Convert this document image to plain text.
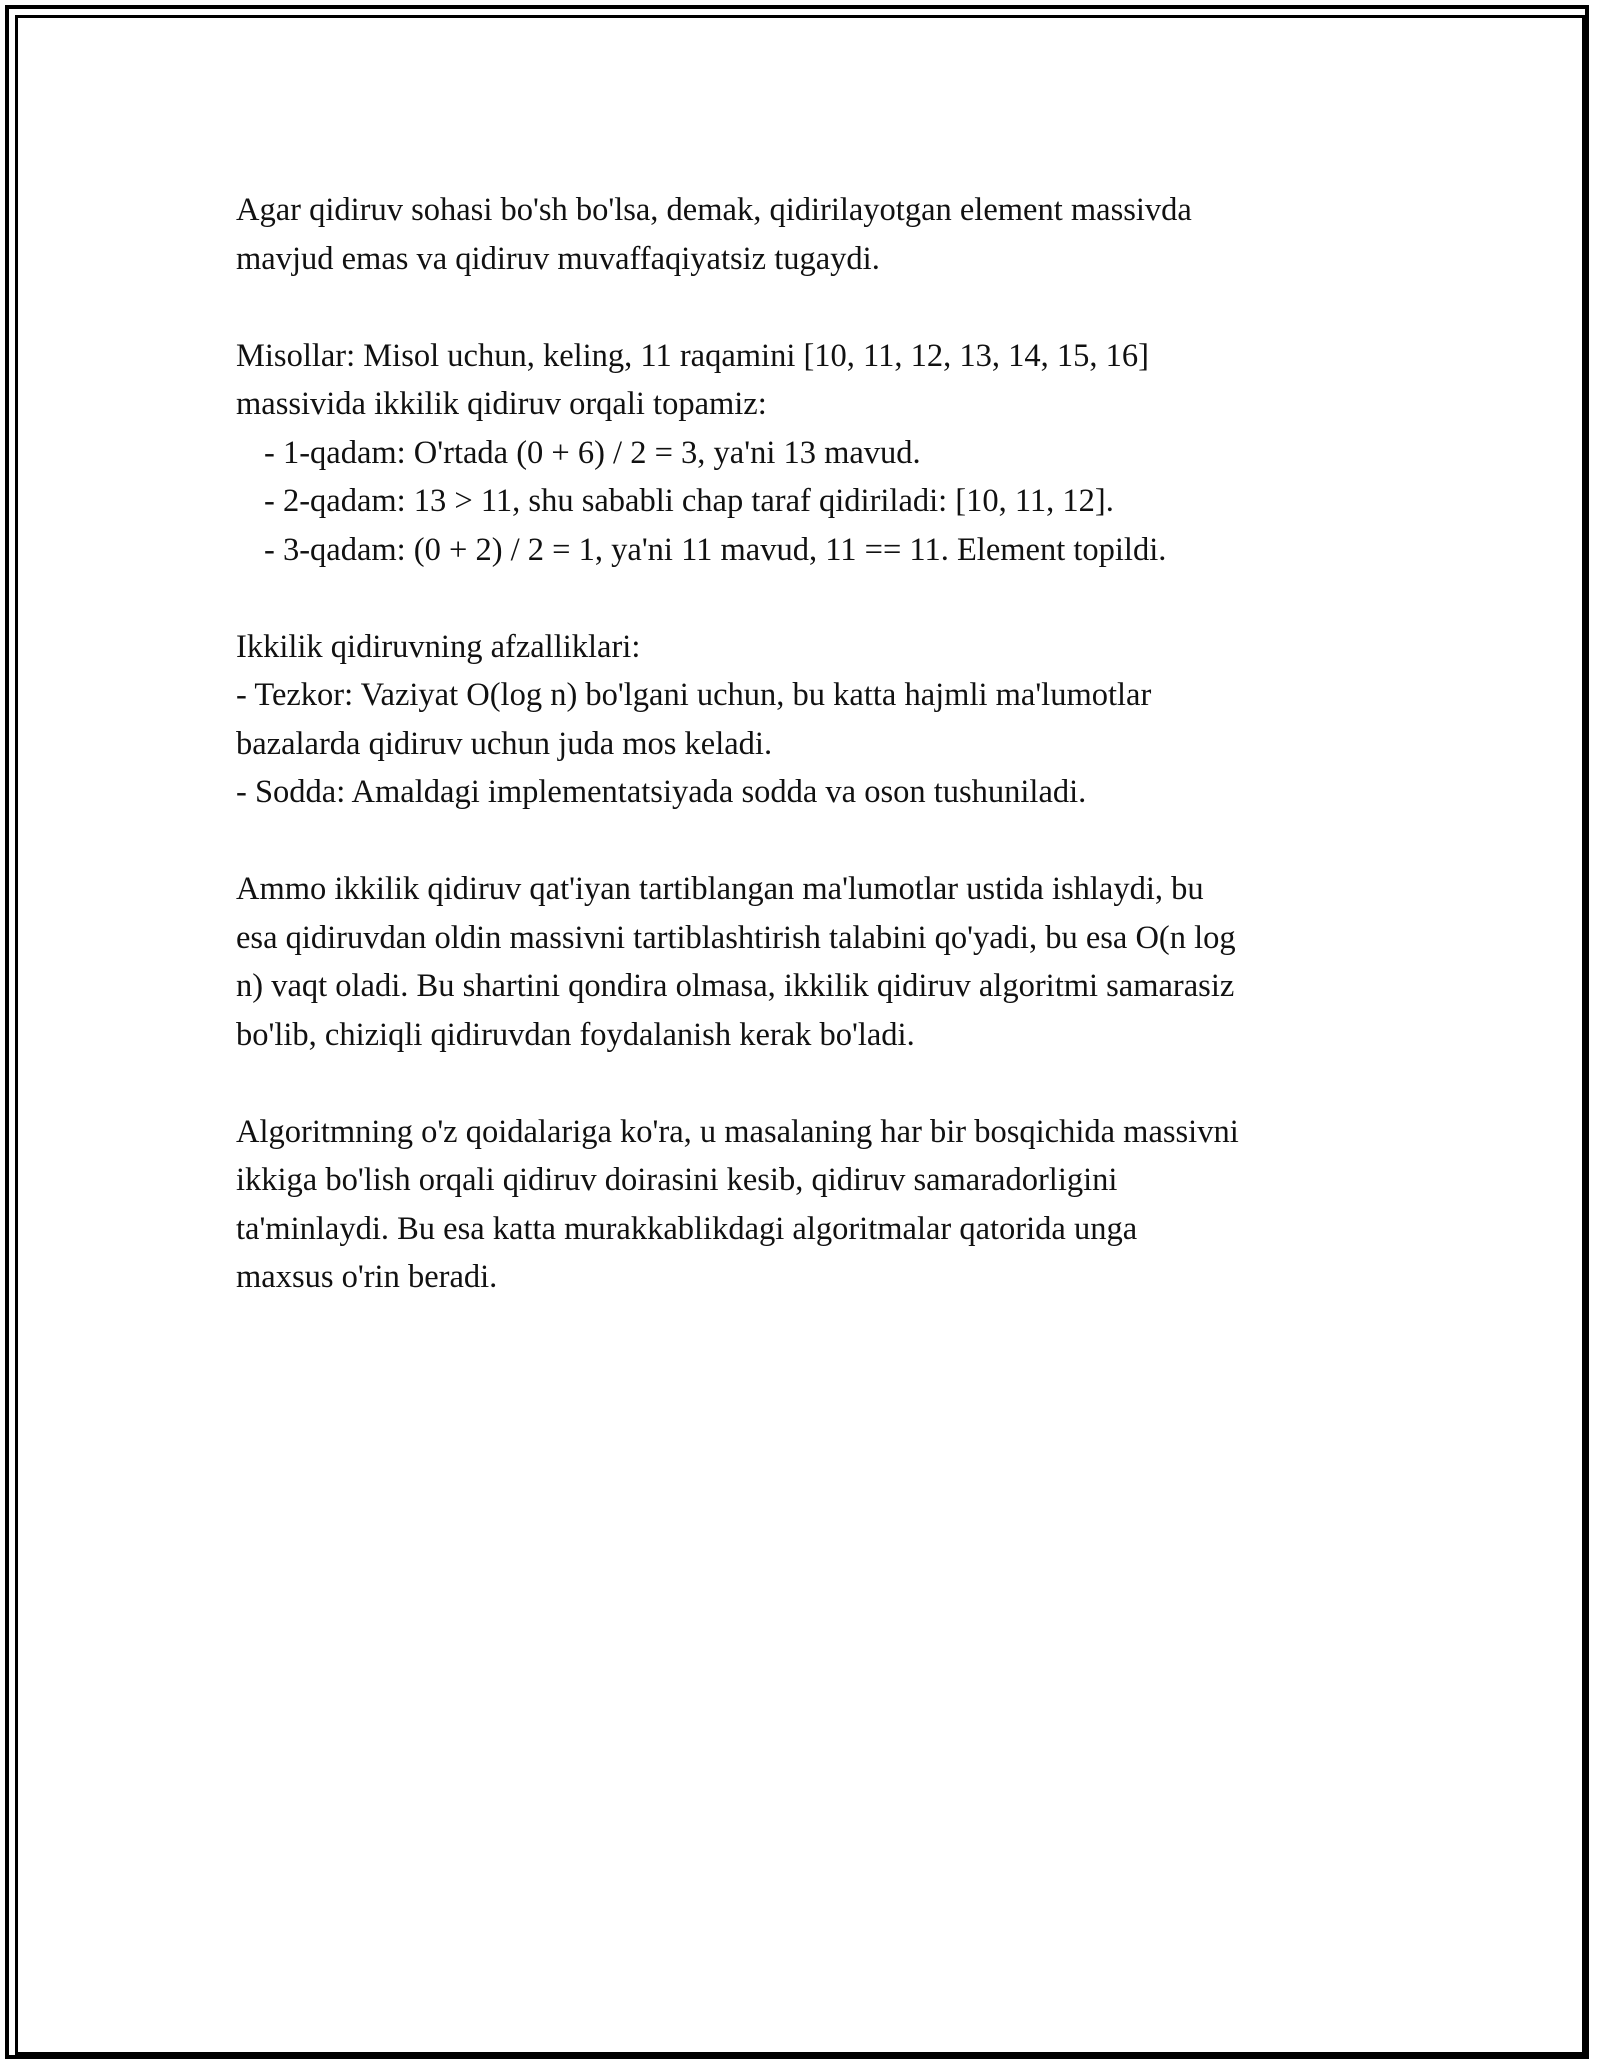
Agar qidiruv sohasi bo'sh bo'lsa, demak, qidirilayotgan element massivda
mavjud emas va qidiruv muvaffaqiyatsiz tugaydi.
Misollar: Misol uchun, keling, 11 raqamini [10, 11, 12, 13, 14, 15, 16]
massivida ikkilik qidiruv orqali topamiz:
- 1-qadam: O'rtada (0 + 6) / 2 = 3, ya'ni 13 mavud.
- 2-qadam: 13 > 11, shu sababli chap taraf qidiriladi: [10, 11, 12].
- 3-qadam: (0 + 2) / 2 = 1, ya'ni 11 mavud, 11 == 11. Element topildi.
Ikkilik qidiruvning afzalliklari:
- Tezkor: Vaziyat O(log n) bo'lgani uchun, bu katta hajmli ma'lumotlar
bazalarda qidiruv uchun juda mos keladi.
- Sodda: Amaldagi implementatsiyada sodda va oson tushuniladi.
Ammo ikkilik qidiruv qat'iyan tartiblangan ma'lumotlar ustida ishlaydi, bu
esa qidiruvdan oldin massivni tartiblashtirish talabini qo'yadi, bu esa O(n log
n) vaqt oladi. Bu shartini qondira olmasa, ikkilik qidiruv algoritmi samarasiz
bo'lib, chiziqli qidiruvdan foydalanish kerak bo'ladi.
Algoritmning o'z qoidalariga ko'ra, u masalaning har bir bosqichida massivni
ikkiga bo'lish orqali qidiruv doirasini kesib, qidiruv samaradorligini
ta'minlaydi. Bu esa katta murakkablikdagi algoritmalar qatorida unga
maxsus o'rin beradi.
